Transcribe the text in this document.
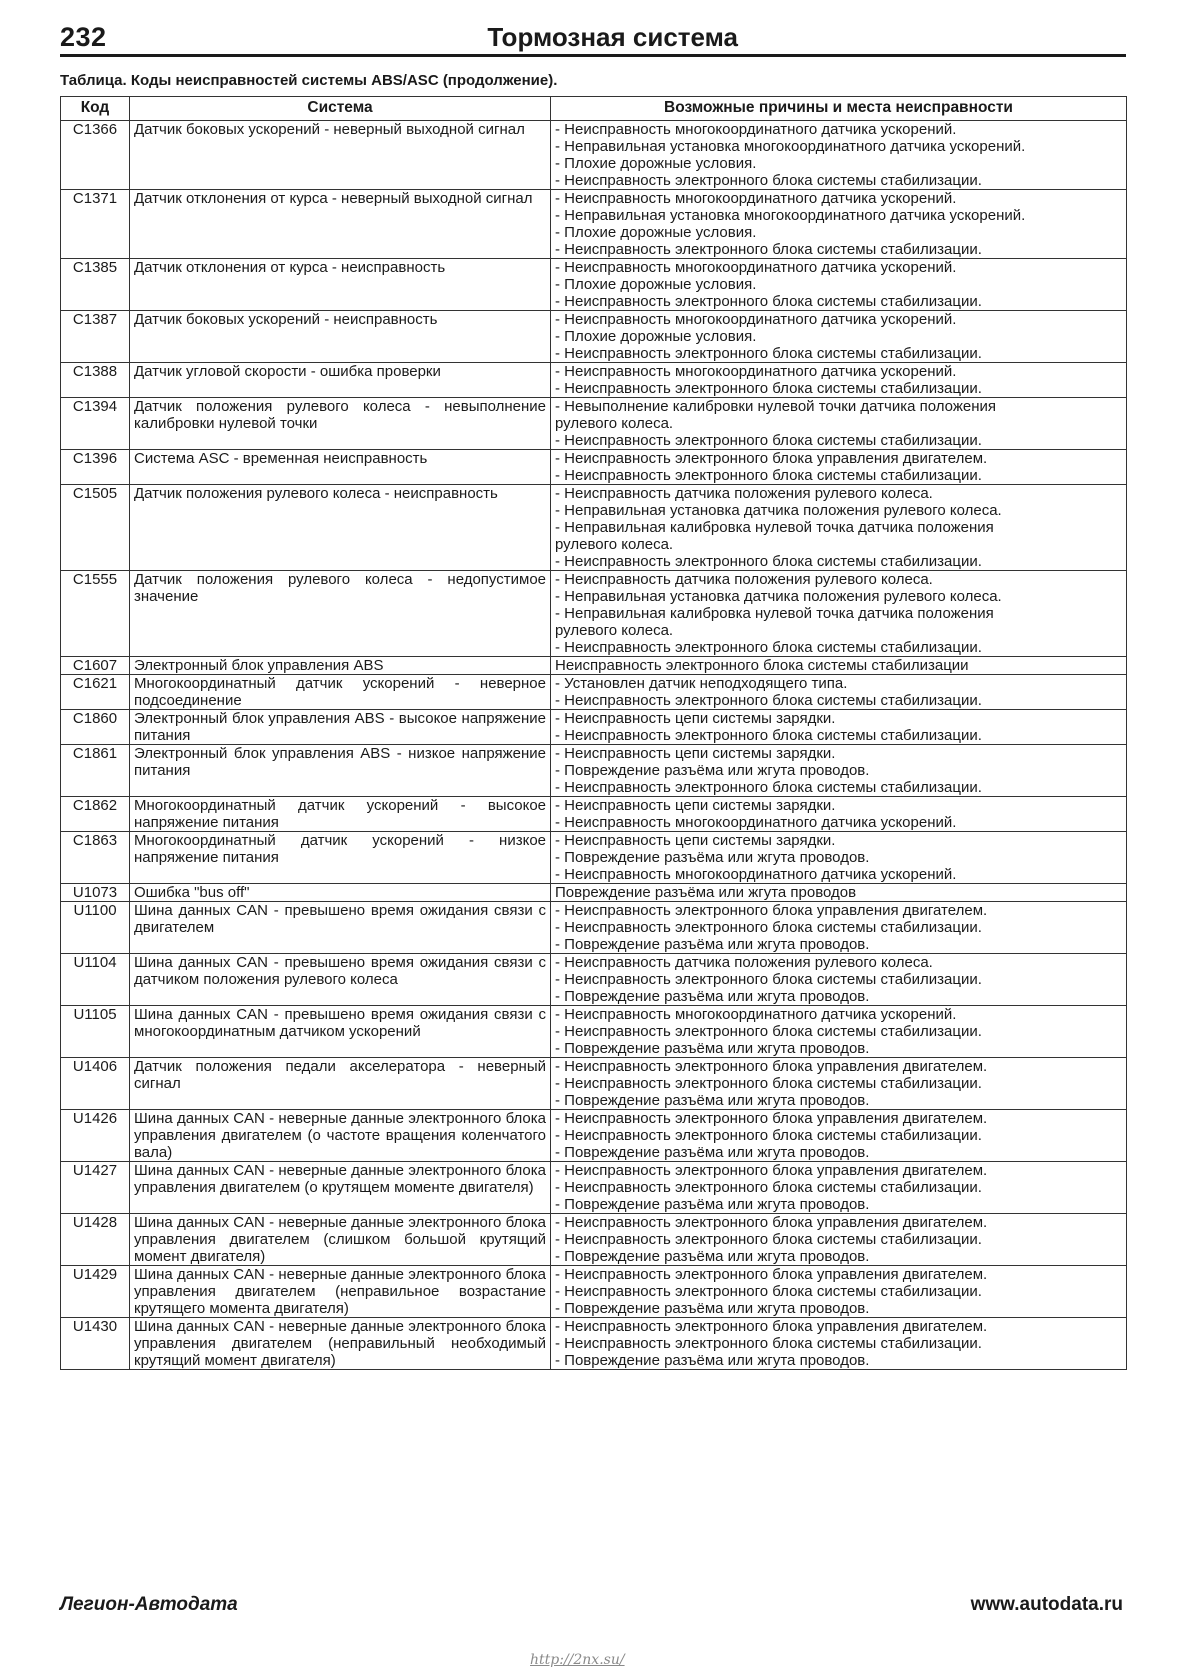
232	Тормозная система
Таблица. Коды неисправностей системы ABS/ASC (продолжение).
Код	Система	Возможные причины и места неисправности
C1366	Датчик боковых ускорений - неверный выходной сигнал	- Неисправность многокоординатного датчика ускорений.
- Неправильная установка многокоординатного датчика ускорений.
- Плохие дорожные условия.
- Неисправность электронного блока системы стабилизации.

C1371	Датчик отклонения от курса - неверный выходной сигнал	- Неисправность многокоординатного датчика ускорений.
- Неправильная установка многокоординатного датчика ускорений.
- Плохие дорожные условия.
- Неисправность электронного блока системы стабилизации.

C1385	Датчик отклонения от курса - неисправность	- Неисправность многокоординатного датчика ускорений.
- Плохие дорожные условия.
- Неисправность электронного блока системы стабилизации.

C1387	Датчик боковых ускорений - неисправность	- Неисправность многокоординатного датчика ускорений.
- Плохие дорожные условия.
- Неисправность электронного блока системы стабилизации.

C1388	Датчик угловой скорости - ошибка проверки	- Неисправность многокоординатного датчика ускорений.
- Неисправность электронного блока системы стабилизации.

C1394	Датчик положения рулевого колеса - невыполнение калибровки нулевой точки	- Невыполнение калибровки нулевой точки датчика положения
рулевого колеса.
- Неисправность электронного блока системы стабилизации.

C1396	Система ASC - временная неисправность	- Неисправность электронного блока управления двигателем.
- Неисправность электронного блока системы стабилизации.

C1505	Датчик положения рулевого колеса - неисправность	- Неисправность датчика положения рулевого колеса.
- Неправильная установка датчика положения рулевого колеса.
- Неправильная калибровка нулевой точка датчика положения
рулевого колеса.
- Неисправность электронного блока системы стабилизации.

C1555	Датчик положения рулевого колеса - недопустимое значение	- Неисправность датчика положения рулевого колеса.
- Неправильная установка датчика положения рулевого колеса.
- Неправильная калибровка нулевой точка датчика положения
рулевого колеса.
- Неисправность электронного блока системы стабилизации.

C1607	Электронный блок управления ABS	Неисправность электронного блока системы стабилизации

C1621	Многокоординатный датчик ускорений - неверное подсоединение	- Установлен датчик неподходящего типа.
- Неисправность электронного блока системы стабилизации.

C1860	Электронный блок управления ABS - высокое напряжение питания	- Неисправность цепи системы зарядки.
- Неисправность электронного блока системы стабилизации.

C1861	Электронный блок управления ABS - низкое напряжение питания	- Неисправность цепи системы зарядки.
- Повреждение разъёма или жгута проводов.
- Неисправность электронного блока системы стабилизации.

C1862	Многокоординатный датчик ускорений - высокое напряжение питания	- Неисправность цепи системы зарядки.
- Неисправность многокоординатного датчика ускорений.

C1863	Многокоординатный датчик ускорений - низкое напряжение питания	- Неисправность цепи системы зарядки.
- Повреждение разъёма или жгута проводов.
- Неисправность многокоординатного датчика ускорений.

U1073	Ошибка "bus off"	Повреждение разъёма или жгута проводов

U1100	Шина данных CAN - превышено время ожидания связи с двигателем	- Неисправность электронного блока управления двигателем.
- Неисправность электронного блока системы стабилизации.
- Повреждение разъёма или жгута проводов.

U1104	Шина данных CAN - превышено время ожидания связи с датчиком положения рулевого колеса	- Неисправность датчика положения рулевого колеса.
- Неисправность электронного блока системы стабилизации.
- Повреждение разъёма или жгута проводов.

U1105	Шина данных CAN - превышено время ожидания связи с многокоординатным датчиком ускорений	- Неисправность многокоординатного датчика ускорений.
- Неисправность электронного блока системы стабилизации.
- Повреждение разъёма или жгута проводов.

U1406	Датчик положения педали акселератора - неверный сигнал	- Неисправность электронного блока управления двигателем.
- Неисправность электронного блока системы стабилизации.
- Повреждение разъёма или жгута проводов.

U1426	Шина данных CAN - неверные данные электронного блока управления двигателем (о частоте вращения коленчатого вала)	- Неисправность электронного блока управления двигателем.
- Неисправность электронного блока системы стабилизации.
- Повреждение разъёма или жгута проводов.

U1427	Шина данных CAN - неверные данные электронного блока управления двигателем (о крутящем моменте двигателя)	- Неисправность электронного блока управления двигателем.
- Неисправность электронного блока системы стабилизации.
- Повреждение разъёма или жгута проводов.

U1428	Шина данных CAN - неверные данные электронного блока управления двигателем (слишком большой крутящий момент двигателя)	- Неисправность электронного блока управления двигателем.
- Неисправность электронного блока системы стабилизации.
- Повреждение разъёма или жгута проводов.

U1429	Шина данных CAN - неверные данные электронного блока управления двигателем (неправильное возрастание крутящего момента двигателя)	- Неисправность электронного блока управления двигателем.
- Неисправность электронного блока системы стабилизации.
- Повреждение разъёма или жгута проводов.

U1430	Шина данных CAN - неверные данные электронного блока управления двигателем (неправильный необходимый крутящий момент двигателя)	- Неисправность электронного блока управления двигателем.
- Неисправность электронного блока системы стабилизации.
- Повреждение разъёма или жгута проводов.
Легион-Автодата	www.autodata.ru
http://2nx.su/
